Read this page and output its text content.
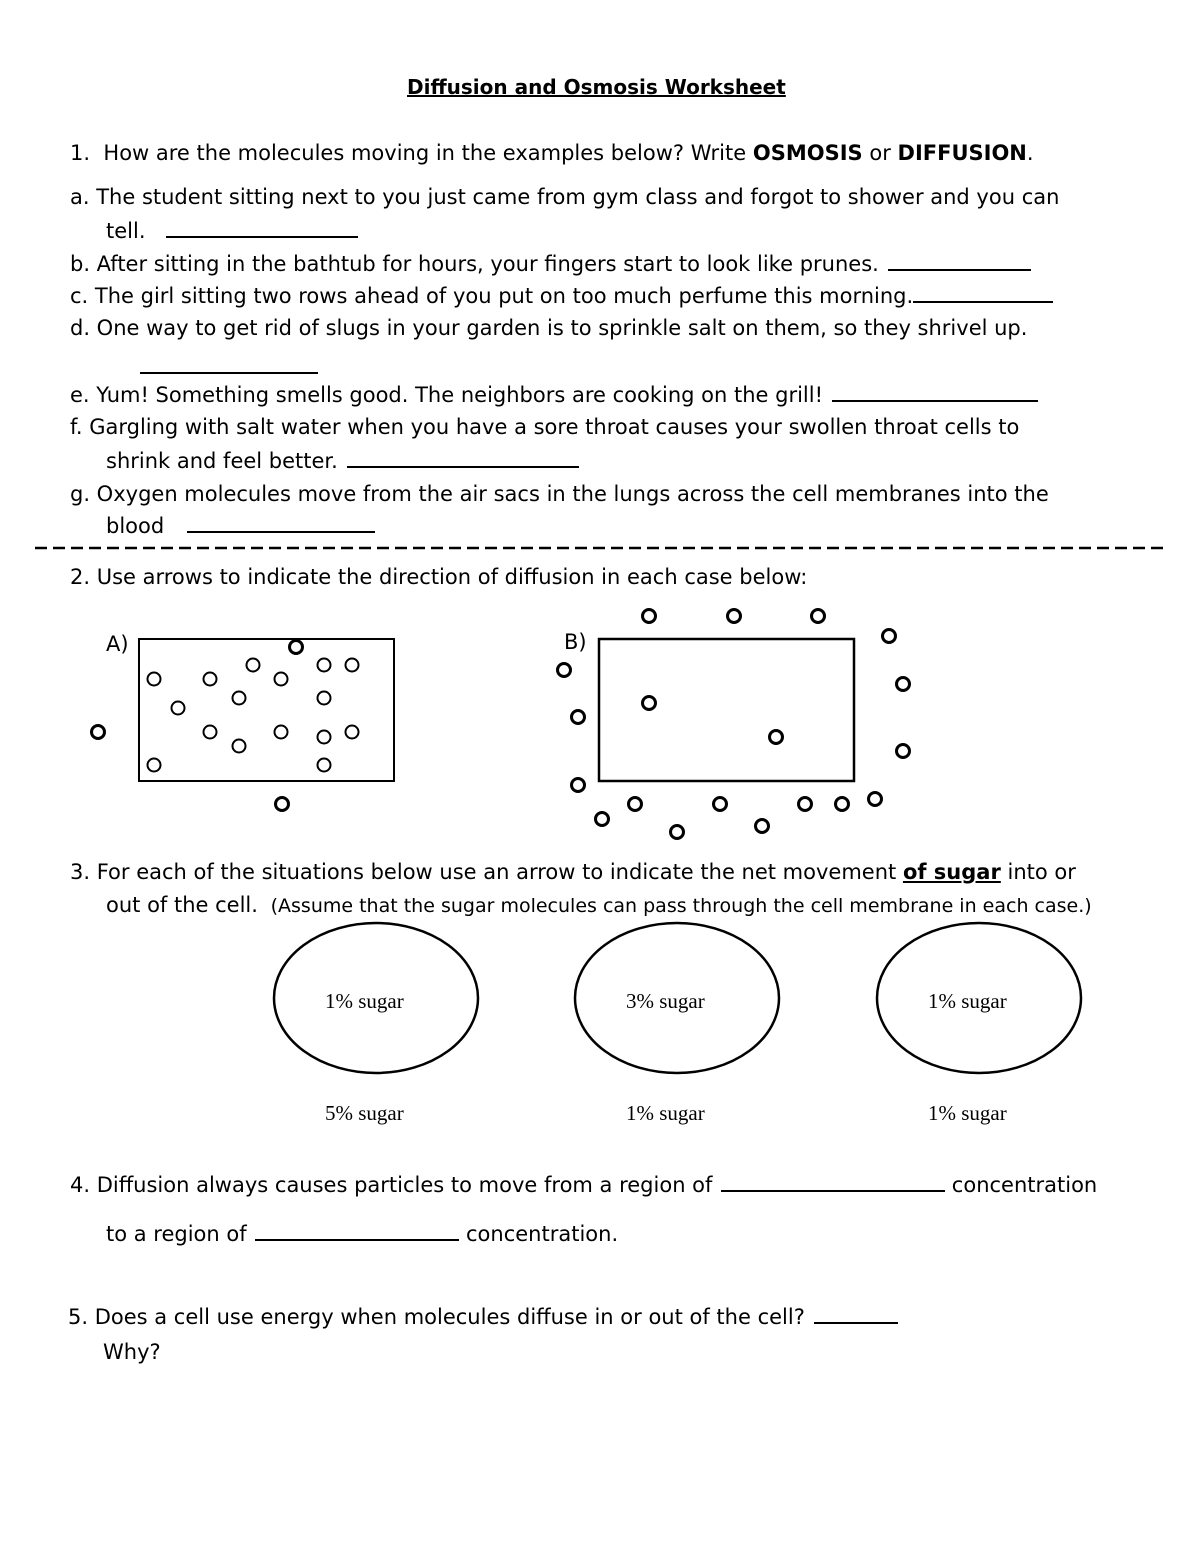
Diffusion and Osmosis Worksheet
1. How are the molecules moving in the examples below? Write OSMOSIS or DIFFUSION.
a. The student sitting next to you just came from gym class and forgot to shower and you can
tell.
b. After sitting in the bathtub for hours, your fingers start to look like prunes.
c. The girl sitting two rows ahead of you put on too much perfume this morning.
d. One way to get rid of slugs in your garden is to sprinkle salt on them, so they shrivel up.
e. Yum! Something smells good. The neighbors are cooking on the grill!
f. Gargling with salt water when you have a sore throat causes your swollen throat cells to
shrink and feel better.
g. Oxygen molecules move from the air sacs in the lungs across the cell membranes into the
blood
2. Use arrows to indicate the direction of diffusion in each case below:
A)	B)
3. For each of the situations below use an arrow to indicate the net movement of sugar into or
out of the cell. (Assume that the sugar molecules can pass through the cell membrane in each case.)
1% sugar	3% sugar	1% sugar
5% sugar	1% sugar	1% sugar
4. Diffusion always causes particles to move from a region of	concentration
to a region of	concentration.
5. Does a cell use energy when molecules diffuse in or out of the cell?
Why?
